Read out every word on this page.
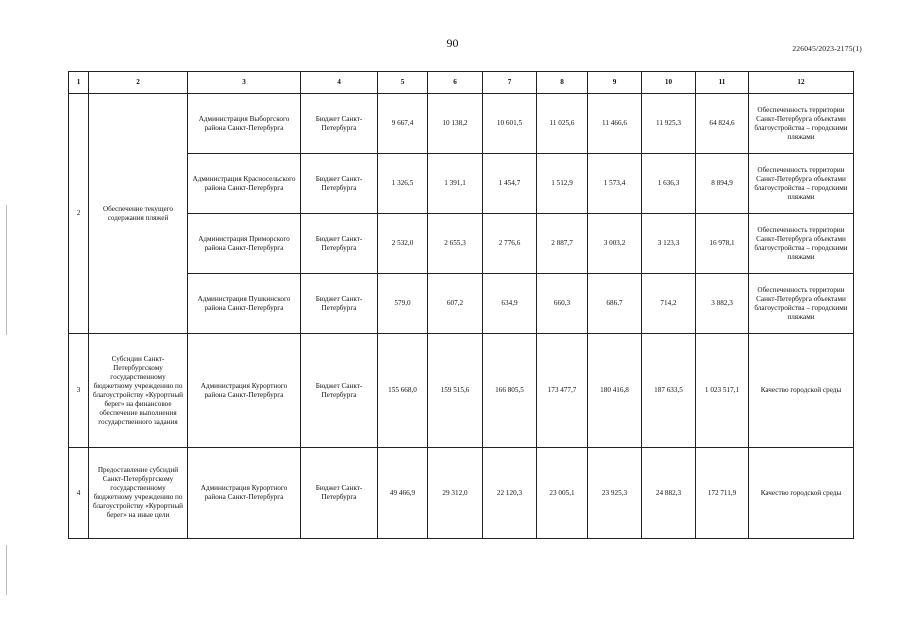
90	226045/2023-2175(1)
1	2	3	4	5	6	7	8	9	10	11	12
2	Обеспечение текущего содержания пляжей	Администрация Выборгского района Санкт-Петербурга	Бюджет Санкт-Петербурга	9 667,4	10 138,2	10 601,5	11 025,6	11 466,6	11 925,3	64 824,6	Обеспеченность территории Санкт-Петербурга объектами благоустройства – городскими пляжами
		Администрация Красносельского района Санкт-Петербурга	Бюджет Санкт-Петербурга	1 326,5	1 391,1	1 454,7	1 512,9	1 573,4	1 636,3	8 894,9	Обеспеченность территории Санкт-Петербурга объектами благоустройства – городскими пляжами
		Администрация Приморского района Санкт-Петербурга	Бюджет Санкт-Петербурга	2 532,0	2 655,3	2 776,6	2 887,7	3 003,2	3 123,3	16 978,1	Обеспеченность территории Санкт-Петербурга объектами благоустройства – городскими пляжами
		Администрация Пушкинского района Санкт-Петербурга	Бюджет Санкт-Петербурга	579,0	607,2	634,9	660,3	686,7	714,2	3 882,3	Обеспеченность территории Санкт-Петербурга объектами благоустройства – городскими пляжами
3	Субсидии Санкт-Петербургскому государственному бюджетному учреждению по благоустройству «Курортный берег» на финансовое обеспечение выполнения государственного задания	Администрация Курортного района Санкт-Петербурга	Бюджет Санкт-Петербурга	155 668,0	159 515,6	166 805,5	173 477,7	180 416,8	187 633,5	1 023 517,1	Качество городской среды
4	Предоставление субсидий Санкт-Петербургскому государственному бюджетному учреждению по благоустройству «Курортный берег» на иные цели	Администрация Курортного района Санкт-Петербурга	Бюджет Санкт-Петербурга	49 466,9	29 312,0	22 120,3	23 005,1	23 925,3	24 882,3	172 711,9	Качество городской среды
